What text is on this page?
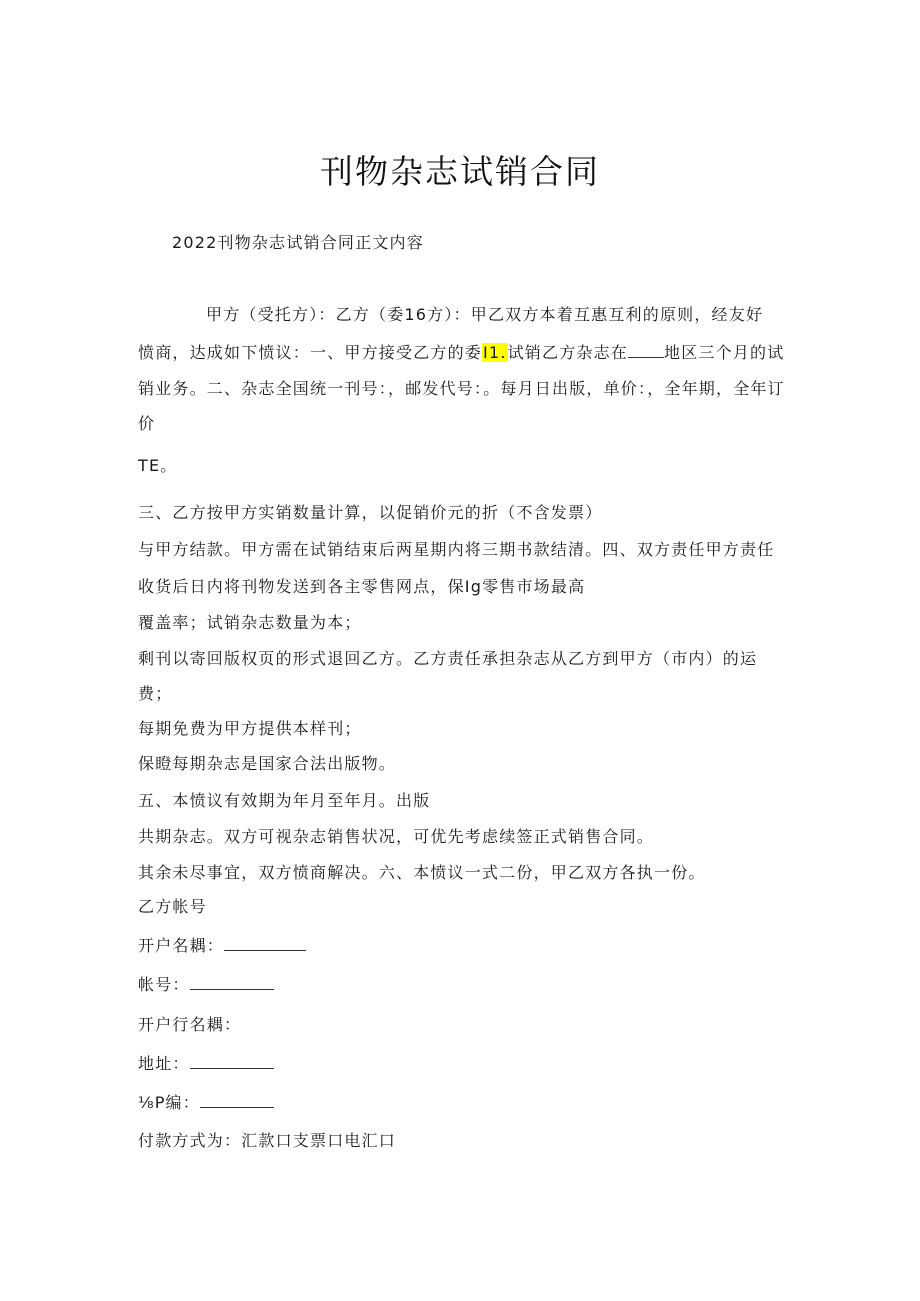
刊物杂志试销合同
2022刊物杂志试销合同正文内容
甲方（受托方）：乙方（委16方）：甲乙双方本着互惠互利的原则，经友好
愤商，达成如下愤议：一、甲方接受乙方的委I1.试销乙方杂志在 地区三个月的试
销业务。二、杂志全国统一刊号：，邮发代号：。每月日出版，单价：，全年期，全年订
价
TE。
三、乙方按甲方实销数量计算，以促销价元的折（不含发票）
与甲方结款。甲方需在试销结束后两星期内将三期书款结清。四、双方责任甲方责任
收货后日内将刊物发送到各主零售网点，保Ig零售市场最高
覆盖率；试销杂志数量为本；
剩刊以寄回版权页的形式退回乙方。乙方责任承担杂志从乙方到甲方（市内）的运
费；
每期免费为甲方提供本样刊；
保瞪每期杂志是国家合法出版物。
五、本愤议有效期为年月至年月。出版
共期杂志。双方可视杂志销售状况，可优先考虑续签正式销售合同。
其余未尽事宜，双方愤商解决。六、本愤议一式二份，甲乙双方各执一份。
乙方帐号
开户名耦：
帐号：
开户行名耦：
地址：
⅛P编：
付款方式为：汇款口支票口电汇口
